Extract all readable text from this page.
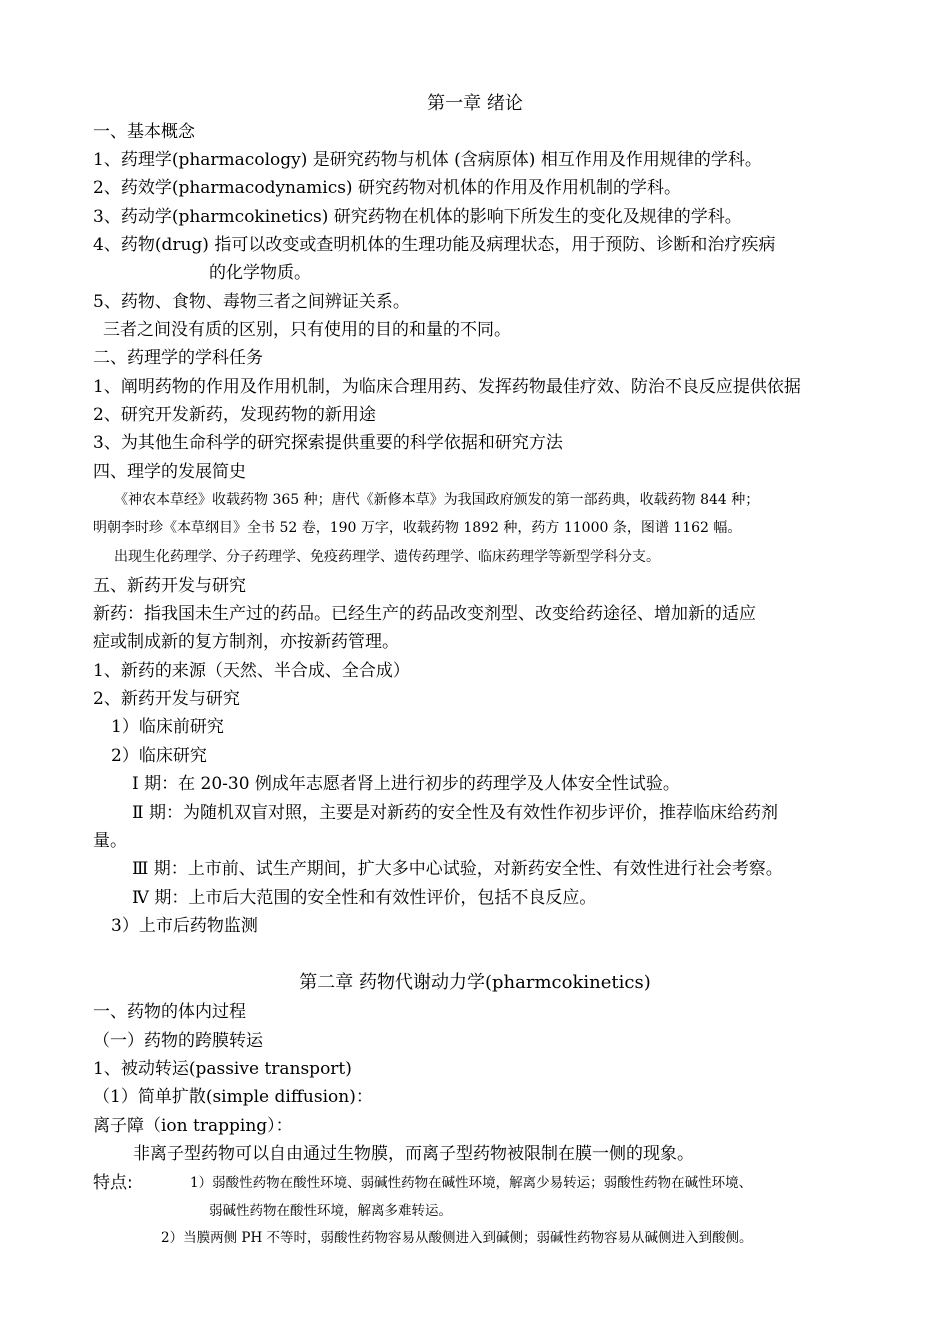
第一章 绪论
一、基本概念
1、药理学(pharmacology) 是研究药物与机体 (含病原体) 相互作用及作用规律的学科。
2、药效学(pharmacodynamics) 研究药物对机体的作用及作用机制的学科。
3、药动学(pharmcokinetics) 研究药物在机体的影响下所发生的变化及规律的学科。
4、药物(drug) 指可以改变或查明机体的生理功能及病理状态，用于预防、诊断和治疗疾病
的化学物质。
5、药物、食物、毒物三者之间辨证关系。
三者之间没有质的区别，只有使用的目的和量的不同。
二、药理学的学科任务
1、阐明药物的作用及作用机制，为临床合理用药、发挥药物最佳疗效、防治不良反应提供依据
2、研究开发新药，发现药物的新用途
3、为其他生命科学的研究探索提供重要的科学依据和研究方法
四、理学的发展简史
《神农本草经》收载药物 365 种；唐代《新修本草》为我国政府颁发的第一部药典，收载药物 844 种；
明朝李时珍《本草纲目》全书 52 卷，190 万字，收载药物 1892 种，药方 11000 条，图谱 1162 幅。
出现生化药理学、分子药理学、免疫药理学、遗传药理学、临床药理学等新型学科分支。
五、新药开发与研究
新药：指我国未生产过的药品。已经生产的药品改变剂型、改变给药途径、增加新的适应
症或制成新的复方制剂，亦按新药管理。
1、新药的来源（天然、半合成、全合成）
2、新药开发与研究
1）临床前研究
2）临床研究
Ⅰ 期：在 20-30 例成年志愿者肾上进行初步的药理学及人体安全性试验。
Ⅱ 期：为随机双盲对照，主要是对新药的安全性及有效性作初步评价，推荐临床给药剂
量。
Ⅲ 期：上市前、试生产期间，扩大多中心试验，对新药安全性、有效性进行社会考察。
Ⅳ 期：上市后大范围的安全性和有效性评价，包括不良反应。
3）上市后药物监测
第二章 药物代谢动力学(pharmcokinetics)
一、药物的体内过程
（一）药物的跨膜转运
1、被动转运(passive transport)
（1）简单扩散(simple diffusion)：
离子障（ion trapping）：
非离子型药物可以自由通过生物膜，而离子型药物被限制在膜一侧的现象。
特点:	1）弱酸性药物在酸性环境、弱碱性药物在碱性环境，解离少易转运；弱酸性药物在碱性环境、
弱碱性药物在酸性环境，解离多难转运。
2）当膜两侧 PH 不等时，弱酸性药物容易从酸侧进入到碱侧；弱碱性药物容易从碱侧进入到酸侧。
